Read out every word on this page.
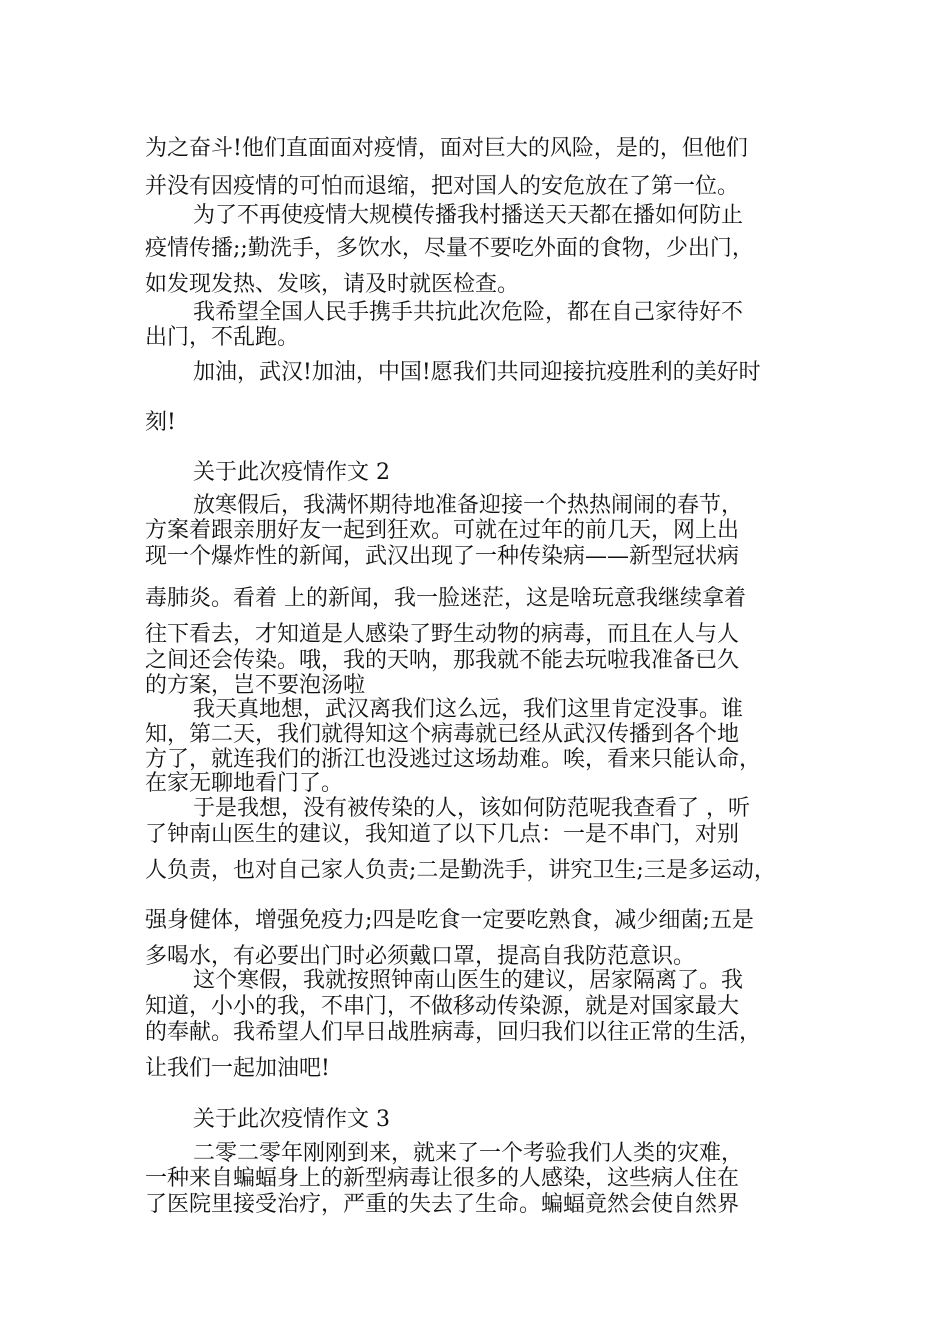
为之奋斗!他们直面面对疫情，面对巨大的风险，是的，但他们
并没有因疫情的可怕而退缩，把对国人的安危放在了第一位。
为了不再使疫情大规模传播我村播送天天都在播如何防止
疫情传播;;勤洗手，多饮水，尽量不要吃外面的食物，少出门，
如发现发热、发咳，请及时就医检查。
我希望全国人民手携手共抗此次危险，都在自己家待好不
出门，不乱跑。
加油，武汉!加油，中国!愿我们共同迎接抗疫胜利的美好时
刻!
关于此次疫情作文 2
放寒假后，我满怀期待地准备迎接一个热热闹闹的春节，
方案着跟亲朋好友一起到狂欢。可就在过年的前几天，网上出
现一个爆炸性的新闻，武汉出现了一种传染病——新型冠状病
毒肺炎。看着 上的新闻，我一脸迷茫，这是啥玩意我继续拿着
往下看去，才知道是人感染了野生动物的病毒，而且在人与人
之间还会传染。哦，我的天呐，那我就不能去玩啦我准备已久
的方案，岂不要泡汤啦
我天真地想，武汉离我们这么远，我们这里肯定没事。谁
知，第二天，我们就得知这个病毒就已经从武汉传播到各个地
方了，就连我们的浙江也没逃过这场劫难。唉，看来只能认命，
在家无聊地看门了。
于是我想，没有被传染的人，该如何防范呢我查看了 ，听
了钟南山医生的建议，我知道了以下几点：一是不串门，对别
人负责，也对自己家人负责;二是勤洗手，讲究卫生;三是多运动，
强身健体，增强免疫力;四是吃食一定要吃熟食，减少细菌;五是
多喝水，有必要出门时必须戴口罩，提高自我防范意识。
这个寒假，我就按照钟南山医生的建议，居家隔离了。我
知道，小小的我，不串门，不做移动传染源，就是对国家最大
的奉献。我希望人们早日战胜病毒，回归我们以往正常的生活，
让我们一起加油吧!
关于此次疫情作文 3
二零二零年刚刚到来，就来了一个考验我们人类的灾难，
一种来自蝙蝠身上的新型病毒让很多的人感染，这些病人住在
了医院里接受治疗，严重的失去了生命。蝙蝠竟然会使自然界
